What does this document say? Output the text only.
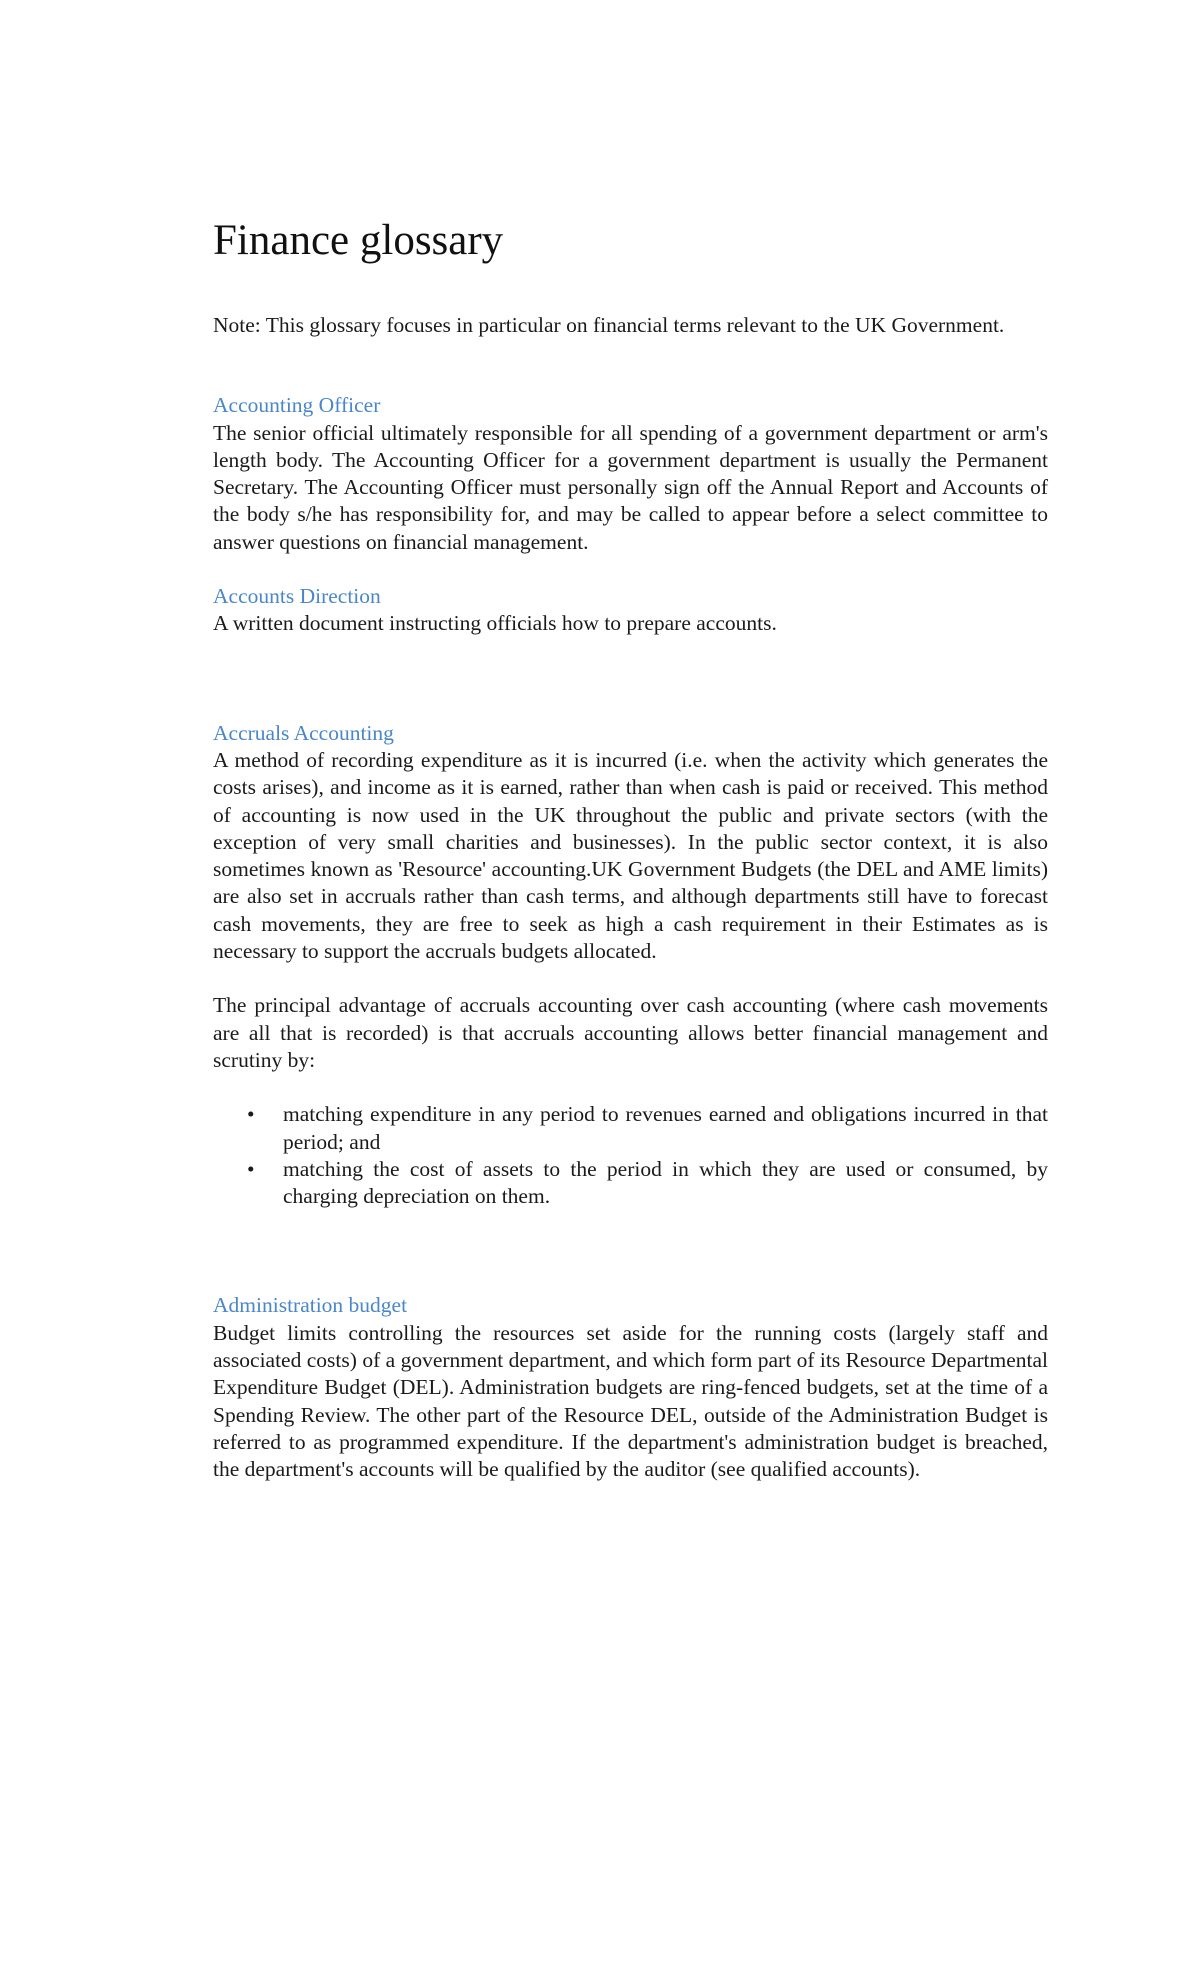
Finance glossary

Note: This glossary focuses in particular on financial terms relevant to the UK Government.

Accounting Officer

The senior official ultimately responsible for all spending of a government department or arm's length body. The Accounting Officer for a government department is usually the Permanent Secretary. The Accounting Officer must personally sign off the Annual Report and Accounts of the body s/he has responsibility for, and may be called to appear before a select committee to answer questions on financial management.

Accounts Direction

A written document instructing officials how to prepare accounts.

Accruals Accounting

A method of recording expenditure as it is incurred (i.e. when the activity which generates the costs arises), and income as it is earned, rather than when cash is paid or received. This method of accounting is now used in the UK throughout the public and private sectors (with the exception of very small charities and businesses). In the public sector context, it is also sometimes known as 'Resource' accounting.UK Government Budgets (the DEL and AME limits) are also set in accruals rather than cash terms, and although departments still have to forecast cash movements, they are free to seek as high a cash requirement in their Estimates as is necessary to support the accruals budgets allocated.

The principal advantage of accruals accounting over cash accounting (where cash movements are all that is recorded) is that accruals accounting allows better financial management and scrutiny by:

• matching expenditure in any period to revenues earned and obligations incurred in that period; and
• matching the cost of assets to the period in which they are used or consumed, by charging depreciation on them.
Administration budget

Budget limits controlling the resources set aside for the running costs (largely staff and associated costs) of a government department, and which form part of its Resource Departmental Expenditure Budget (DEL). Administration budgets are ring-fenced budgets, set at the time of a Spending Review. The other part of the Resource DEL, outside of the Administration Budget is referred to as programmed expenditure. If the department's administration budget is breached, the department's accounts will be qualified by the auditor (see qualified accounts).
